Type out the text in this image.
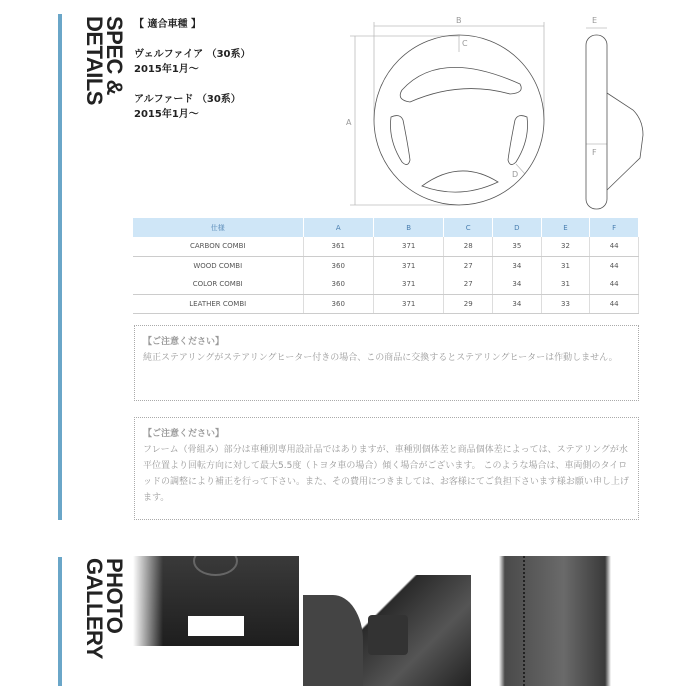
SPEC &
DETAILS	【 適合車種 】

ヴェルファイア （30系）
2015年1月～

アルファード （30系）
2015年1月～

B
A
C
D
E
F
仕様	A	B	C	D	E	F
CARBON COMBI	361	371	28	35	32	44
WOOD COMBI	360	371	27	34	31	44
COLOR COMBI	360	371	27	34	31	44
LEATHER COMBI	360	371	29	34	33	44
【ご注意ください】
純正ステアリングがステアリングヒーター付きの場合、この商品に交換するとステアリングヒーターは作動しません。
【ご注意ください】
フレーム（骨組み）部分は車種別専用設計品ではありますが、車種別個体差と商品個体差によっては、ステアリングが水平位置より回転方向に対して最大5.5度（トヨタ車の場合）傾く場合がございます。 このような場合は、車両側のタイロッドの調整により補正を行って下さい。また、その費用につきましては、お客様にてご負担下さいます様お願い申し上げます。
PHOTO
GALLERY
